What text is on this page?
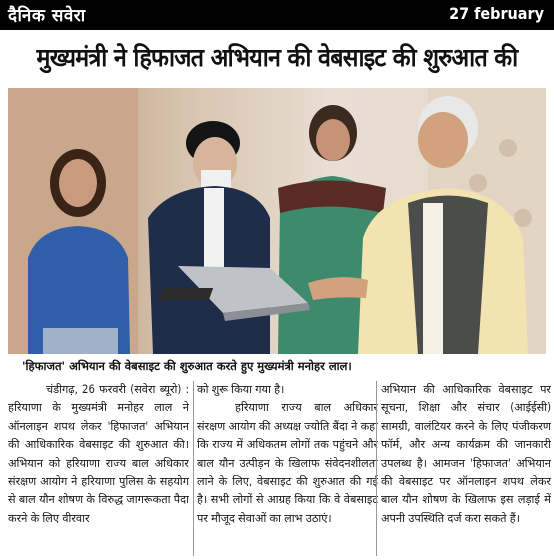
दैनिक सवेरा	27 february
मुख्यमंत्री ने हिफाजत अभियान की वेबसाइट की शुरुआत की
'हिफाजत' अभियान की वेबसाइट की शुरुआत करते हुए मुख्यमंत्री मनोहर लाल।

चंडीगढ़, 26 फरवरी (सवेरा ब्यूरो) : हरियाणा के मुख्यमंत्री मनोहर लाल ने ऑनलाइन शपथ लेकर 'हिफाजत' अभियान की आधिकारिक वेबसाइट की शुरुआत की। अभियान को हरियाणा राज्य बाल अधिकार संरक्षण आयोग ने हरियाणा पुलिस के सहयोग से बाल यौन शोषण के विरुद्ध जागरूकता पैदा करने के लिए वीरवार

को शुरू किया गया है।

हरियाणा राज्य बाल अधिकार संरक्षण आयोग की अध्यक्ष ज्योति बैंदा ने कहा कि राज्य में अधिकतम लोगों तक पहुंचने और बाल यौन उत्पीड़न के खिलाफ संवेदनशीलता लाने के लिए, वेबसाइट की शुरुआत की गई है। सभी लोगों से आग्रह किया कि वे वेबसाइट पर मौजूद सेवाओं का लाभ उठाएं।

अभियान की आधिकारिक वेबसाइट पर सूचना, शिक्षा और संचार (आईईसी) सामग्री, वालंटियर करने के लिए पंजीकरण फॉर्म, और अन्य कार्यक्रम की जानकारी उपलब्ध है। आमजन 'हिफाजत' अभियान की वेबसाइट पर ऑनलाइन शपथ लेकर बाल यौन शोषण के खिलाफ इस लड़ाई में अपनी उपस्थिति दर्ज करा सकते हैं।
